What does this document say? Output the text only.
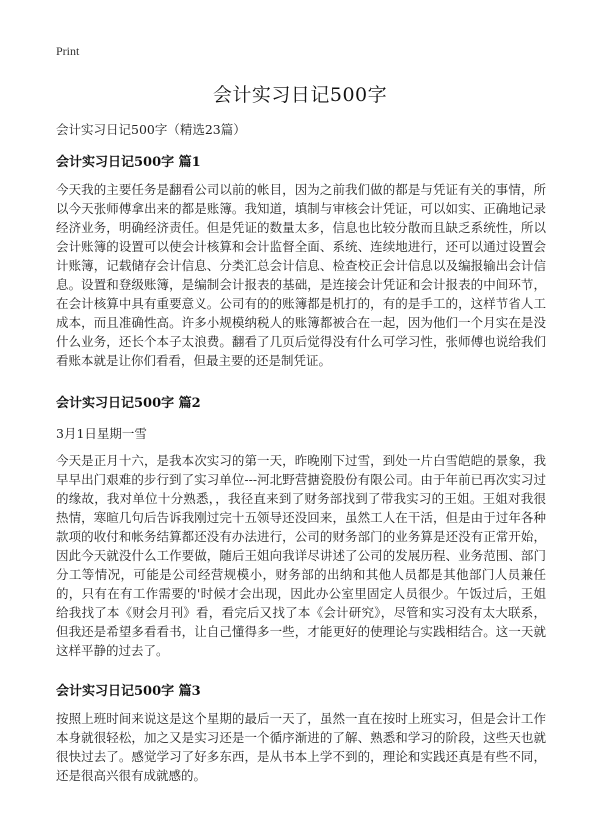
Print
会计实习日记500字
会计实习日记500字（精选23篇）
会计实习日记500字 篇1

今天我的主要任务是翻看公司以前的帐目，因为之前我们做的都是与凭证有关的事情，所以今天张师傅拿出来的都是账簿。我知道，填制与审核会计凭证，可以如实、正确地记录经济业务，明确经济责任。但是凭证的数量太多，信息也比较分散而且缺乏系统性，所以会计账簿的设置可以使会计核算和会计监督全面、系统、连续地进行，还可以通过设置会计账簿，记载储存会计信息、分类汇总会计信息、检查校正会计信息以及编报输出会计信息。设置和登级账簿，是编制会计报表的基础，是连接会计凭证和会计报表的中间环节，在会计核算中具有重要意义。公司有的的账簿都是机打的，有的是手工的，这样节省人工成本，而且准确性高。许多小规模纳税人的账簿都被合在一起，因为他们一个月实在是没什么业务，还长个本子太浪费。翻看了几页后觉得没有什么可学习性，张师傅也说给我们看账本就是让你们看看，但最主要的还是制凭证。

会计实习日记500字 篇2
3月1日星期一雪

今天是正月十六，是我本次实习的第一天，昨晚刚下过雪，到处一片白雪皑皑的景象，我早早出门艰难的步行到了实习单位---河北野营搪瓷股份有限公司。由于年前已再次实习过的缘故，我对单位十分熟悉，，我径直来到了财务部找到了带我实习的王姐。王姐对我很热情，寒暄几句后告诉我刚过完十五领导还没回来，虽然工人在干活，但是由于过年各种款项的收付和帐务结算都还没有办法进行，公司的财务部门的业务算是还没有正常开始，因此今天就没什么工作要做，随后王姐向我详尽讲述了公司的发展历程、业务范围、部门分工等情况，可能是公司经营规模小，财务部的出纳和其他人员都是其他部门人员兼任的，只有在有工作需要的'时候才会出现，因此办公室里固定人员很少。午饭过后，王姐给我找了本《财会月刊》看，看完后又找了本《会计研究》，尽管和实习没有太大联系，但我还是希望多看看书，让自己懂得多一些，才能更好的使理论与实践相结合。这一天就这样平静的过去了。

会计实习日记500字 篇3

按照上班时间来说这是这个星期的最后一天了，虽然一直在按时上班实习，但是会计工作本身就很轻松，加之又是实习还是一个循序渐进的了解、熟悉和学习的阶段，这些天也就很快过去了。感觉学习了好多东西，是从书本上学不到的，理论和实践还真是有些不同，还是很高兴很有成就感的。
